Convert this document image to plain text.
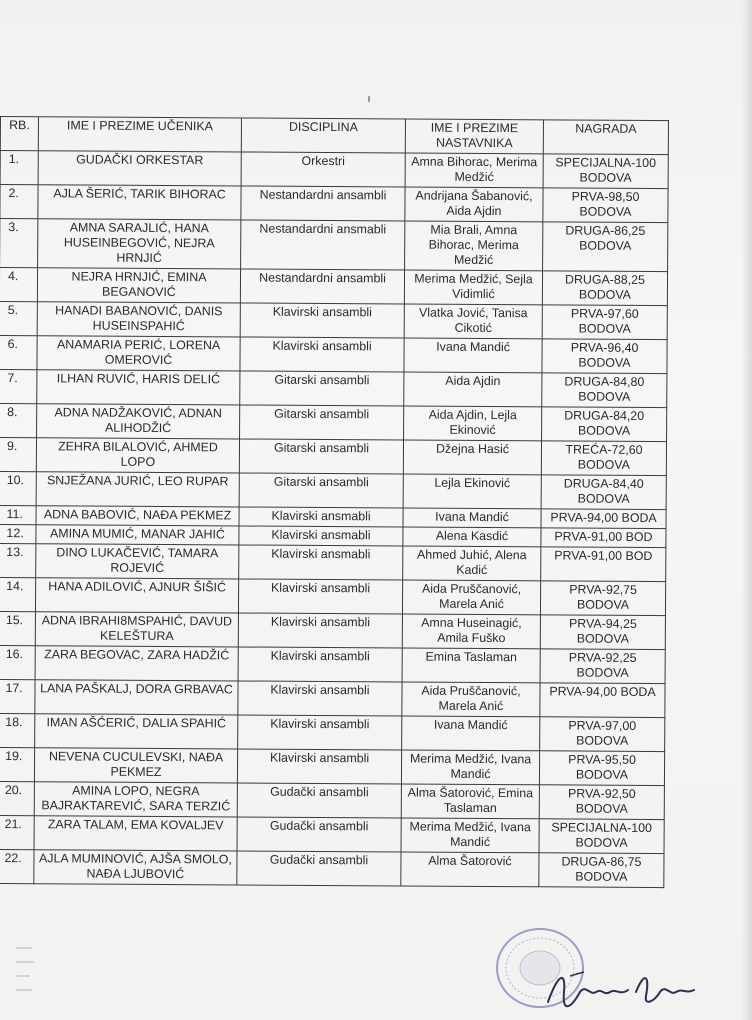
RB.	IME I PREZIME UČENIKA	DISCIPLINA	IME I PREZIME NASTAVNIKA	NAGRADA
1.	GUDAČKI ORKESTAR	Orkestri	Amna Bihorac, Merima Medžić	SPECIJALNA-100 BODOVA
2.	AJLA ŠERIĆ, TARIK BIHORAC	Nestandardni ansambli	Andrijana Šabanović, Aida Ajdin	PRVA-98,50 BODOVA
3.	AMNA SARAJLIĆ, HANA HUSEINBEGOVIĆ, NEJRA HRNJIĆ	Nestandardni ansmabli	Mia Brali, Amna Bihorac, Merima Medžić	DRUGA-86,25 BODOVA
4.	NEJRA HRNJIĆ, EMINA BEGANOVIĆ	Nestandardni ansambli	Merima Medžić, Sejla Vidimlić	DRUGA-88,25 BODOVA
5.	HANADI BABANOVIĆ, DANIS HUSEINSPAHIĆ	Klavirski ansambli	Vlatka Jović, Tanisa Cikotić	PRVA-97,60 BODOVA
6.	ANAMARIA PERIĆ, LORENA OMEROVIĆ	Klavirski ansambli	Ivana Mandić	PRVA-96,40 BODOVA
7.	ILHAN RUVIĆ, HARIS DELIĆ	Gitarski ansambli	Aida Ajdin	DRUGA-84,80 BODOVA
8.	ADNA NADŽAKOVIĆ, ADNAN ALIHODŽIĆ	Gitarski ansambli	Aida Ajdin, Lejla Ekinović	DRUGA-84,20 BODOVA
9.	ZEHRA BILALOVIĆ, AHMED LOPO	Gitarski ansambli	Džejna Hasić	TREĆA-72,60 BODOVA
10.	SNJEŽANA JURIĆ, LEO RUPAR	Gitarski ansambli	Lejla Ekinović	DRUGA-84,40 BODOVA
11.	ADNA BABOVIĆ, NAĐA PEKMEZ	Klavirski ansmabli	Ivana Mandić	PRVA-94,00 BODA
12.	AMINA MUMIĆ, MANAR JAHIĆ	Klavirski ansmabli	Alena Kasdić	PRVA-91,00 BOD
13.	DINO LUKAČEVIĆ, TAMARA ROJEVIĆ	Klavirski ansmabli	Ahmed Juhić, Alena Kadić	PRVA-91,00 BOD
14.	HANA ADILOVIĆ, AJNUR ŠIŠIĆ	Klavirski ansambli	Aida Pruščanović, Marela Anić	PRVA-92,75 BODOVA
15.	ADNA IBRAHI8MSPAHIĆ, DAVUD KELEŠTURA	Klavirski ansambli	Amna Huseinagić, Amila Fuško	PRVA-94,25 BODOVA
16.	ZARA BEGOVAC, ZARA HADŽIĆ	Klavirski ansambli	Emina Taslaman	PRVA-92,25 BODOVA
17.	LANA PAŠKALJ, DORA GRBAVAC	Klavirski ansambli	Aida Pruščanović, Marela Anić	PRVA-94,00 BODA
18.	IMAN AŠĆERIĆ, DALIA SPAHIĆ	Klavirski ansambli	Ivana Mandić	PRVA-97,00 BODOVA
19.	NEVENA CUCULEVSKI, NAĐA PEKMEZ	Klavirski ansambli	Merima Medžić, Ivana Mandić	PRVA-95,50 BODOVA
20.	AMINA LOPO, NEGRA BAJRAKTAREVIĆ, SARA TERZIĆ	Gudački ansambli	Alma Šatorović, Emina Taslaman	PRVA-92,50 BODOVA
21.	ZARA TALAM, EMA KOVALJEV	Gudački ansambli	Merima Medžić, Ivana Mandić	SPECIJALNA-100 BODOVA
22.	AJLA MUMINOVIĆ, AJŠA SMOLO, NAĐA LJUBOVIĆ	Gudački ansambli	Alma Šatorović	DRUGA-86,75 BODOVA
